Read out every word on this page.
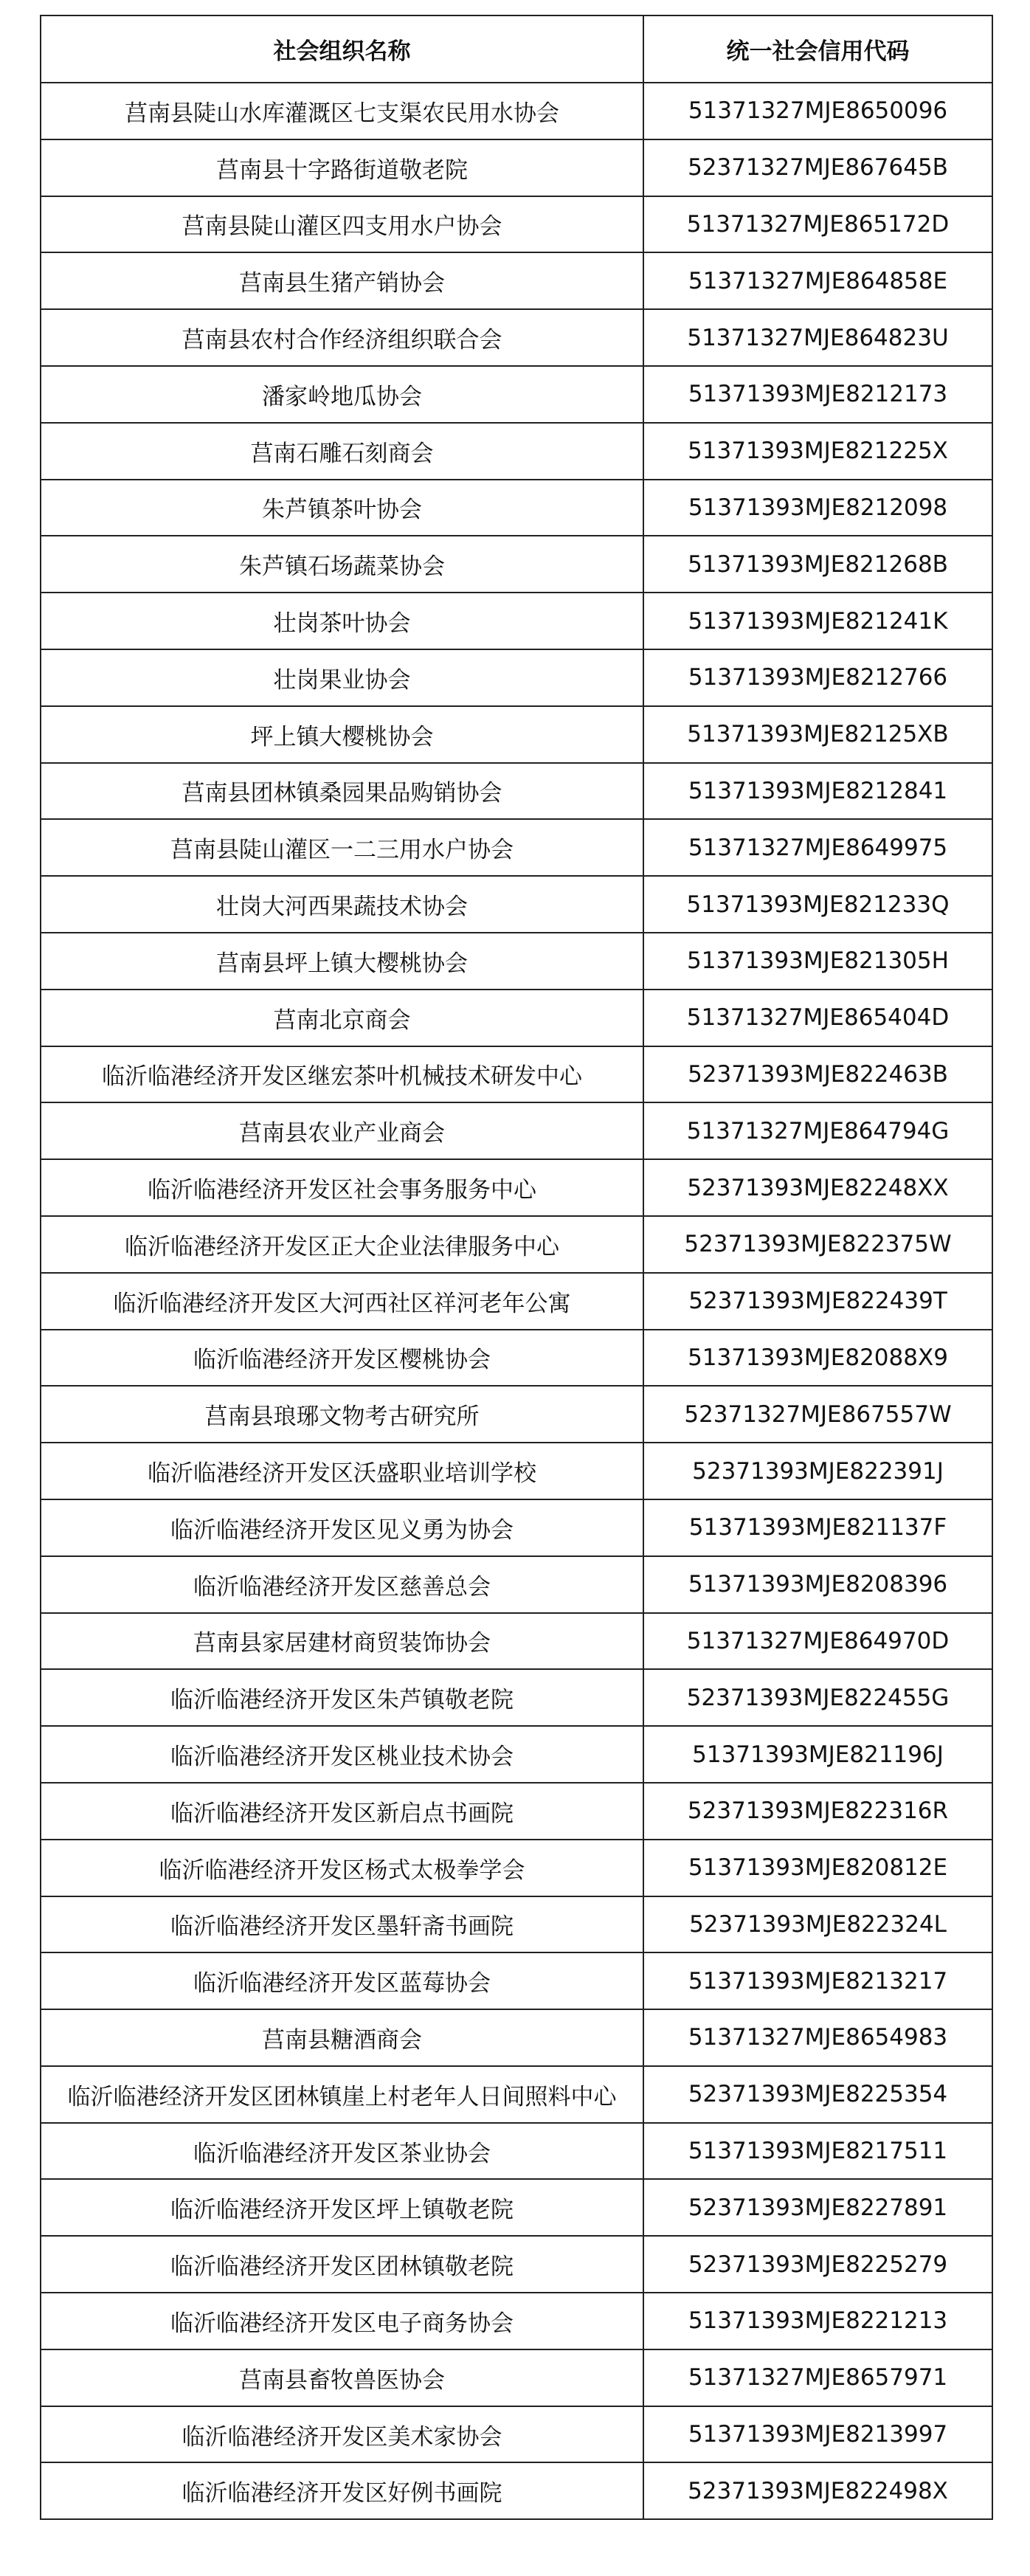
社会组织名称	统一社会信用代码
莒南县陡山水库灌溉区七支渠农民用水协会	51371327MJE8650096
莒南县十字路街道敬老院	52371327MJE867645B
莒南县陡山灌区四支用水户协会	51371327MJE865172D
莒南县生猪产销协会	51371327MJE864858E
莒南县农村合作经济组织联合会	51371327MJE864823U
潘家岭地瓜协会	51371393MJE8212173
莒南石雕石刻商会	51371393MJE821225X
朱芦镇茶叶协会	51371393MJE8212098
朱芦镇石场蔬菜协会	51371393MJE821268B
壮岗茶叶协会	51371393MJE821241K
壮岗果业协会	51371393MJE8212766
坪上镇大樱桃协会	51371393MJE82125XB
莒南县团林镇桑园果品购销协会	51371393MJE8212841
莒南县陡山灌区一二三用水户协会	51371327MJE8649975
壮岗大河西果蔬技术协会	51371393MJE821233Q
莒南县坪上镇大樱桃协会	51371393MJE821305H
莒南北京商会	51371327MJE865404D
临沂临港经济开发区继宏茶叶机械技术研发中心	52371393MJE822463B
莒南县农业产业商会	51371327MJE864794G
临沂临港经济开发区社会事务服务中心	52371393MJE82248XX
临沂临港经济开发区正大企业法律服务中心	52371393MJE822375W
临沂临港经济开发区大河西社区祥河老年公寓	52371393MJE822439T
临沂临港经济开发区樱桃协会	51371393MJE82088X9
莒南县琅琊文物考古研究所	52371327MJE867557W
临沂临港经济开发区沃盛职业培训学校	52371393MJE822391J
临沂临港经济开发区见义勇为协会	51371393MJE821137F
临沂临港经济开发区慈善总会	51371393MJE8208396
莒南县家居建材商贸装饰协会	51371327MJE864970D
临沂临港经济开发区朱芦镇敬老院	52371393MJE822455G
临沂临港经济开发区桃业技术协会	51371393MJE821196J
临沂临港经济开发区新启点书画院	52371393MJE822316R
临沂临港经济开发区杨式太极拳学会	51371393MJE820812E
临沂临港经济开发区墨轩斋书画院	52371393MJE822324L
临沂临港经济开发区蓝莓协会	51371393MJE8213217
莒南县糖酒商会	51371327MJE8654983
临沂临港经济开发区团林镇崖上村老年人日间照料中心	52371393MJE8225354
临沂临港经济开发区茶业协会	51371393MJE8217511
临沂临港经济开发区坪上镇敬老院	52371393MJE8227891
临沂临港经济开发区团林镇敬老院	52371393MJE8225279
临沂临港经济开发区电子商务协会	51371393MJE8221213
莒南县畜牧兽医协会	51371327MJE8657971
临沂临港经济开发区美术家协会	51371393MJE8213997
临沂临港经济开发区好例书画院	52371393MJE822498X
